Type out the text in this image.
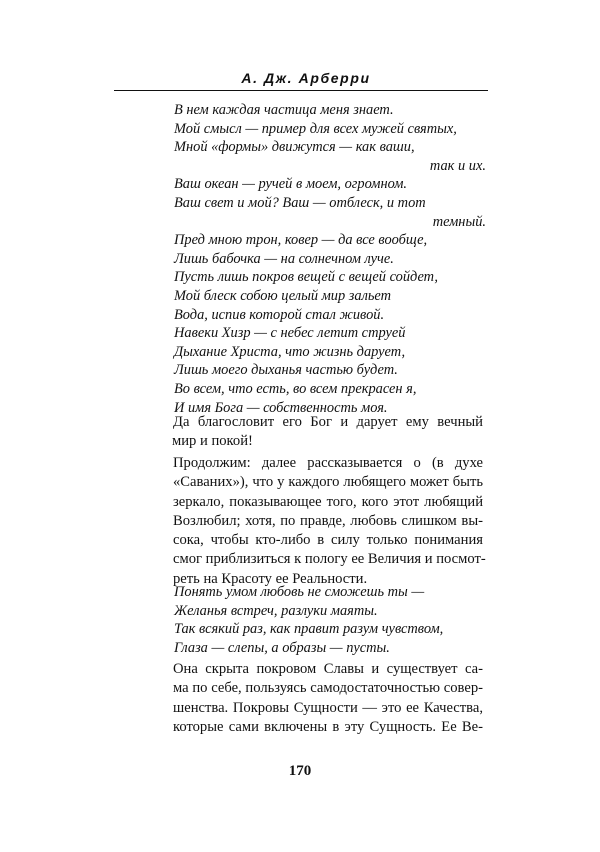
А. Дж. Арберри
В нем каждая частица меня знает.
Мой смысл — пример для всех мужей святых,
Мной «формы» движутся — как ваши,
так и их.
Ваш океан — ручей в моем, огромном.
Ваш свет и мой? Ваш — отблеск, и тот
темный.
Пред мною трон, ковер — да все вообще,
Лишь бабочка — на солнечном луче.
Пусть лишь покров вещей с вещей сойдет,
Мой блеск собою целый мир зальет
Вода, испив которой стал живой.
Навеки Хизр — с небес летит струей
Дыхание Христа, что жизнь дарует,
Лишь моего дыханья частью будет.
Во всем, что есть, во всем прекрасен я,
И имя Бога — собственность моя.
Да благословит его Бог и дарует ему вечный
мир и покой!
Продолжим: далее рассказывается о (в духе
«Саваних»), что у каждого любящего может быть
зеркало, показывающее того, кого этот любящий
Возлюбил; хотя, по правде, любовь слишком вы-
сока, чтобы кто-либо в силу только понимания
смог приблизиться к пологу ее Величия и посмот-
реть на Красоту ее Реальности.
Понять умом любовь не сможешь ты —
Желанья встреч, разлуки маяты.
Так всякий раз, как правит разум чувством,
Глаза — слепы, а образы — пусты.
Она скрыта покровом Славы и существует са-
ма по себе, пользуясь самодостаточностью совер-
шенства. Покровы Сущности — это ее Качества,
которые сами включены в эту Сущность. Ее Ве-
170
